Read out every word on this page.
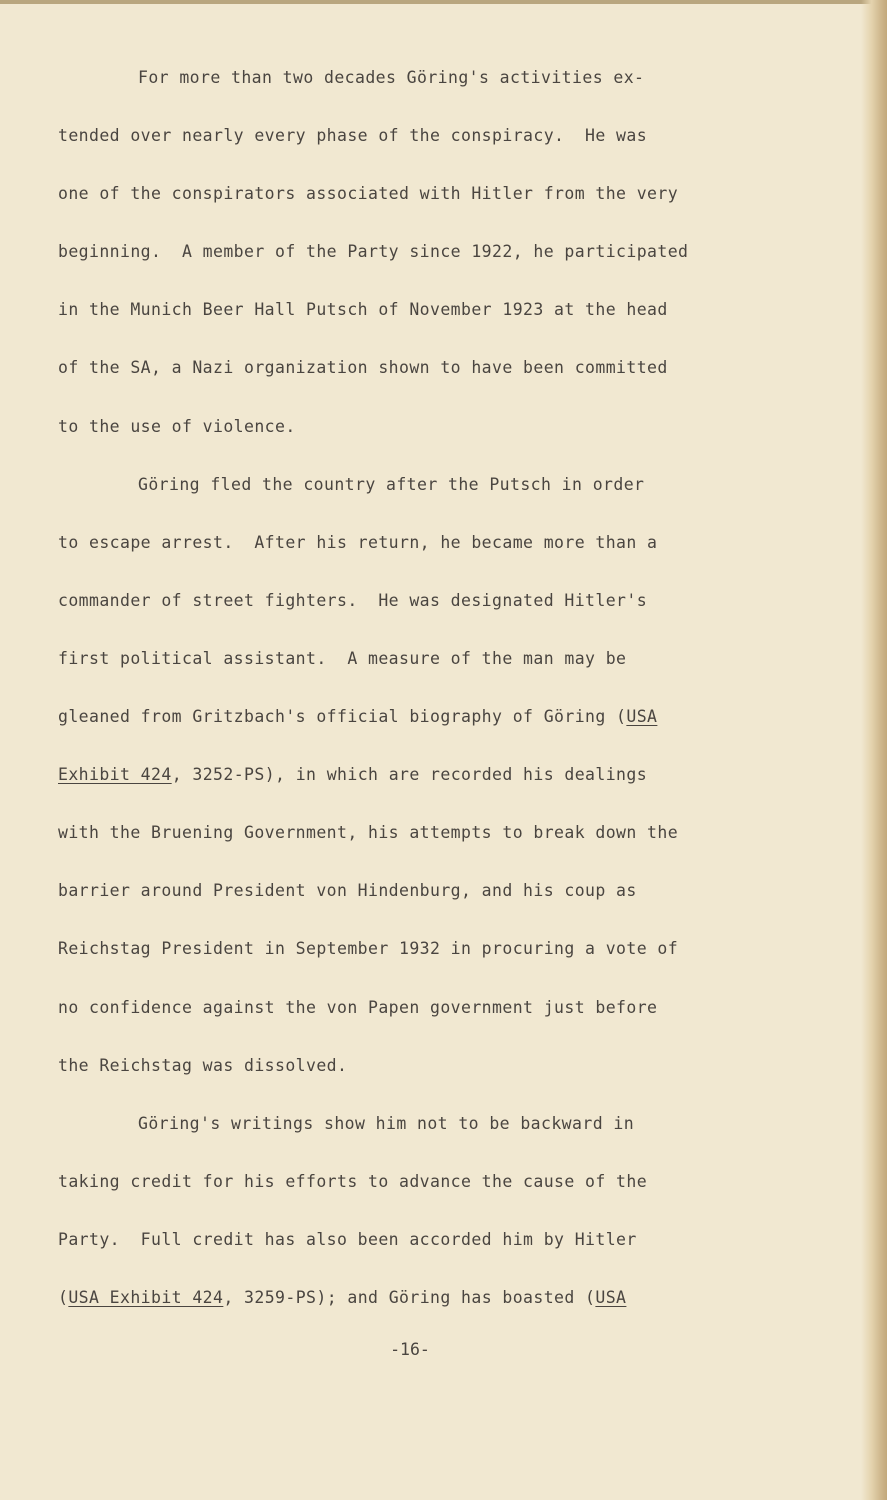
For more than two decades Göring's activities ex-
tended over nearly every phase of the conspiracy.  He was
one of the conspirators associated with Hitler from the very
beginning.  A member of the Party since 1922, he participated
in the Munich Beer Hall Putsch of November 1923 at the head
of the SA, a Nazi organization shown to have been committed
to the use of violence.
Göring fled the country after the Putsch in order
to escape arrest.  After his return, he became more than a
commander of street fighters.  He was designated Hitler's
first political assistant.  A measure of the man may be
gleaned from Gritzbach's official biography of Göring (USA
Exhibit 424, 3252-PS), in which are recorded his dealings
with the Bruening Government, his attempts to break down the
barrier around President von Hindenburg, and his coup as
Reichstag President in September 1932 in procuring a vote of
no confidence against the von Papen government just before
the Reichstag was dissolved.
Göring's writings show him not to be backward in
taking credit for his efforts to advance the cause of the
Party.  Full credit has also been accorded him by Hitler
(USA Exhibit 424, 3259-PS); and Göring has boasted (USA
-16-
